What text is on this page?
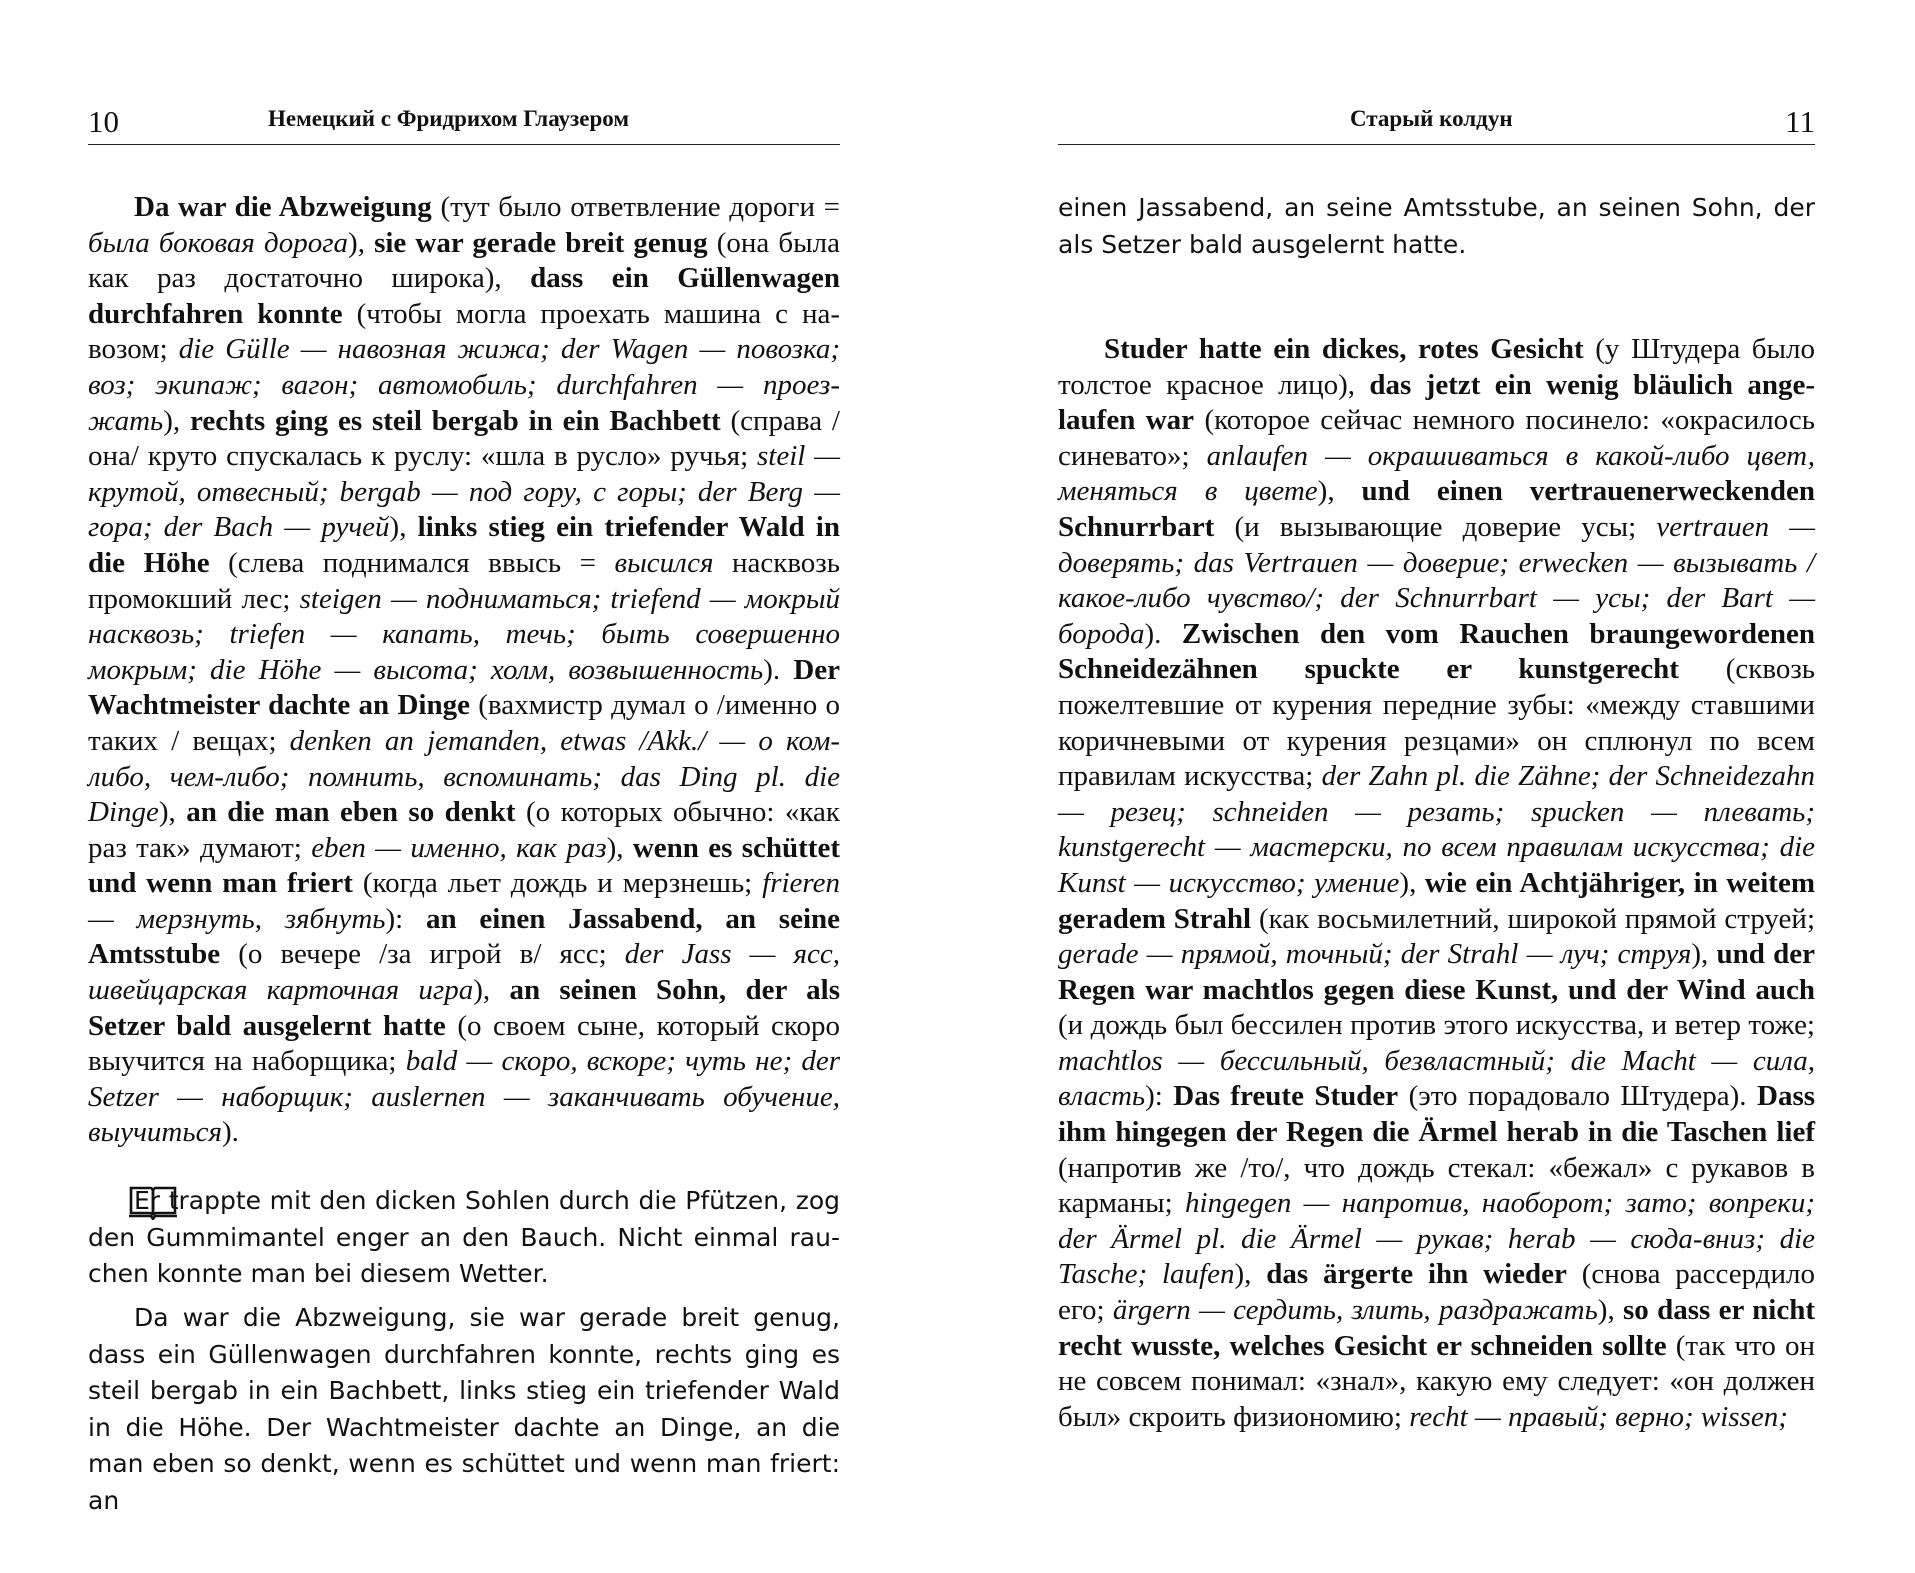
10	Немецкий с Фридрихом Глаузером

Da war die Abzweigung (тут было ответвление дороги = была боковая дорога), sie war gerade breit genug (она была как раз достаточно широка), dass ein Güllenwagen durchfahren konnte (чтобы могла проехать машина с навозом; die Gülle — навозная жижа; der Wagen — повозка; воз; экипаж; вагон; автомобиль; durchfahren — проезжать), rechts ging es steil bergab in ein Bachbett (справа /она/ круто спускалась к руслу: «шла в русло» ручья; steil — крутой, отвесный; bergab — под гору, с горы; der Berg — гора; der Bach — ручей), links stieg ein triefender Wald in die Höhe (слева поднимался ввысь = высился насквозь промокший лес; steigen — подниматься; triefend — мокрый насквозь; triefen — капать, течь; быть совершенно мокрым; die Höhe — высота; холм, возвышенность). Der Wachtmeister dachte an Dinge (вахмистр думал о /именно о таких / вещах; denken an jemanden, etwas /Akk./ — о ком-либо, чем-либо; помнить, вспоминать; das Ding pl. die Dinge), an die man eben so denkt (о которых обычно: «как раз так» думают; eben — именно, как раз), wenn es schüttet und wenn man friert (когда льет дождь и мерзнешь; frieren — мерзнуть, зябнуть): an einen Jassabend, an seine Amtsstube (о вечере /за игрой в/ ясс; der Jass — ясс, швейцарская карточная игра), an seinen Sohn, der als Setzer bald ausgelernt hatte (о своем сыне, который скоро выучится на наборщика; bald — скоро, вскоре; чуть не; der Setzer — наборщик; auslernen — заканчивать обучение, выучиться).

Er trappte mit den dicken Sohlen durch die Pfützen, zog den Gummimantel enger an den Bauch. Nicht einmal rauchen konnte man bei diesem Wetter.

Da war die Abzweigung, sie war gerade breit genug, dass ein Güllenwagen durchfahren konnte, rechts ging es steil bergab in ein Bachbett, links stieg ein triefender Wald in die Höhe. Der Wachtmeister dachte an Dinge, an die man eben so denkt, wenn es schüttet und wenn man friert: an

Старый колдун	11

einen Jassabend, an seine Amtsstube, an seinen Sohn, der als Setzer bald ausgelernt hatte.

Studer hatte ein dickes, rotes Gesicht (у Штудера было толстое красное лицо), das jetzt ein wenig bläulich angelaufen war (которое сейчас немного посинело: «окрасилось синевато»; anlaufen — окрашиваться в какой-либо цвет, меняться в цвете), und einen vertrauenerweckenden Schnurrbart (и вызывающие доверие усы; vertrauen — доверять; das Vertrauen — доверие; erwecken — вызывать /какое-либо чувство/; der Schnurrbart — усы; der Bart — борода). Zwischen den vom Rauchen braungewordenen Schneidezähnen spuckte er kunstgerecht (сквозь пожелтевшие от курения передние зубы: «между ставшими коричневыми от курения резцами» он сплюнул по всем правилам искусства; der Zahn pl. die Zähne; der Schneidezahn — резец; schneiden — резать; spucken — плевать; kunstgerecht — мастерски, по всем правилам искусства; die Kunst — искусство; умение), wie ein Achtjähriger, in weitem geradem Strahl (как восьмилетний, широкой прямой струей; gerade — прямой, точный; der Strahl — луч; струя), und der Regen war machtlos gegen diese Kunst, und der Wind auch (и дождь был бессилен против этого искусства, и ветер тоже; machtlos — бессильный, безвластный; die Macht — сила, власть): Das freute Studer (это порадовало Штудера). Dass ihm hingegen der Regen die Ärmel herab in die Taschen lief (напротив же /то/, что дождь стекал: «бежал» с рукавов в карманы; hingegen — напротив, наоборот; зато; вопреки; der Ärmel pl. die Ärmel — рукав; herab — сюда-вниз; die Tasche; laufen), das ärgerte ihn wieder (снова рассердило его; ärgern — сердить, злить, раздражать), so dass er nicht recht wusste, welches Gesicht er schneiden sollte (так что он не совсем понимал: «знал», какую ему следует: «он должен был» скроить физиономию; recht — правый; верно; wissen;
